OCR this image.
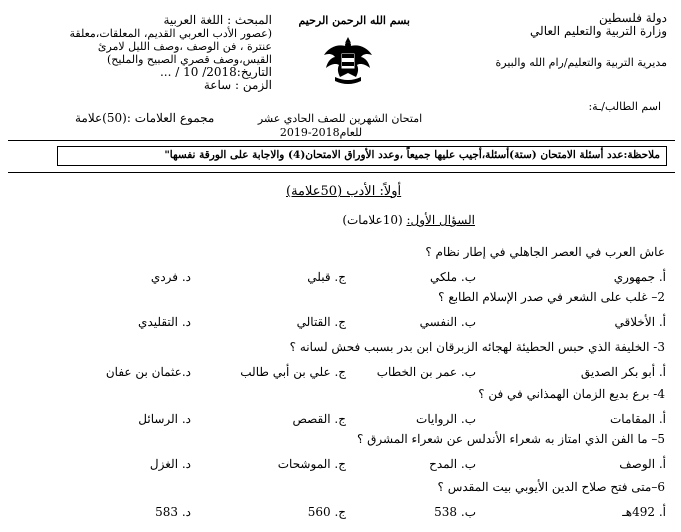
دولة فلسطين
وزارة التربية والتعليم العالي
مديرية التربية والتعليم/رام الله والبيرة
اسم الطالب/ـة:
بسم الله الرحمن الرحيم
امتحان الشهرين للصف الحادي عشر
للعام2018-2019
المبحث : اللغة العربية
(عصور الأدب العربي القديم، المعلقات،معلقة
عنترة ، فن الوصف ،وصف الليل لامرئ
القيس،وصف قصري الصبيح والمليح)
التاريخ:2018/ 10 / ...
الزمن : ساعة
مجموع العلامات :(50)علامة
ملاحظة:عدد أسئلة الامتحان (ستة)أسئلة،أجيب عليها جميعاً ،وعدد الأوراق الامتحان(4) والاجابة على الورقة نفسها"
أولاً: الأدب (50علامة)
السؤال الأول: (10علامات)
عاش العرب في العصر الجاهلي في إطار نظام ؟
أ. جمهوري
ب. ملكي
ج. قبلي
د. فردي
2– غلب على الشعر في صدر الإسلام الطابع ؟
أ. الأخلاقي
ب. النفسي
ج. القتالي
د. التقليدي
3- الخليفة الذي حبس الحطيئة لهجائه الزبرقان ابن بدر بسبب فحش لسانه ؟
أ. أبو بكر الصديق
ب. عمر بن الخطاب
ج. علي بن أبي طالب
د.عثمان بن عفان
4- برع بديع الزمان الهمذاني في فن ؟
أ. المقامات
ب. الروايات
ج. القصص
د. الرسائل
5– ما الفن الذي امتاز به شعراء الأندلس عن شعراء المشرق ؟
أ. الوصف
ب. المدح
ج. الموشحات
د. الغزل
6–متى فتح صلاح الدين الأيوبي بيت المقدس ؟
أ. 492هـ
ب. 538
ج. 560
د. 583
